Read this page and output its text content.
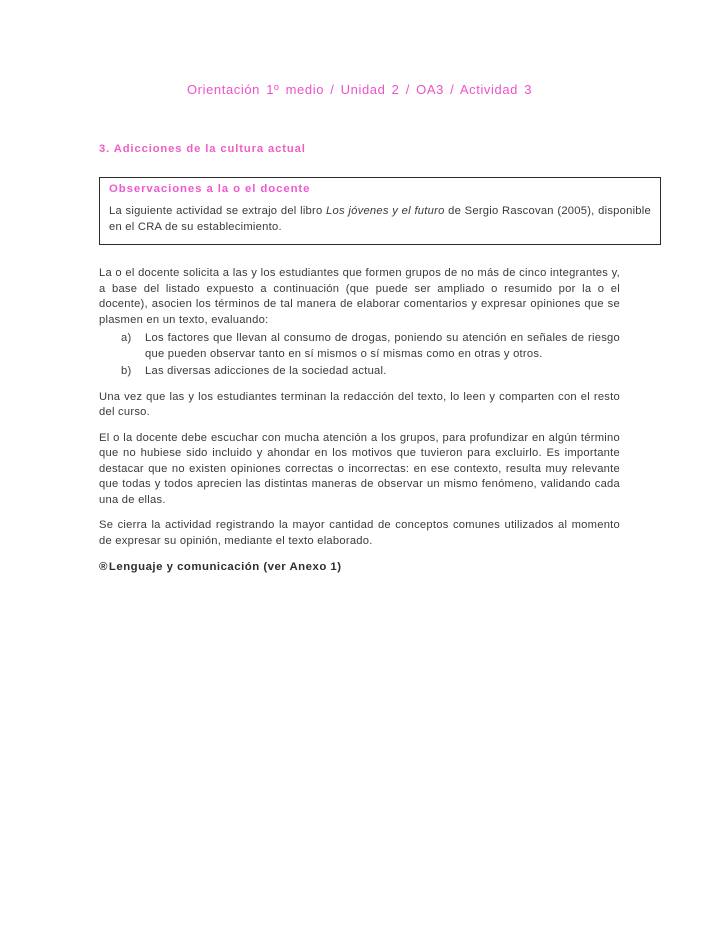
Orientación 1º medio / Unidad 2 / OA3 / Actividad 3
3. Adicciones de la cultura actual
Observaciones a la o el docente
La siguiente actividad se extrajo del libro Los jóvenes y el futuro de Sergio Rascovan (2005), disponible en el CRA de su establecimiento.
La o el docente solicita a las y los estudiantes que formen grupos de no más de cinco integrantes y, a base del listado expuesto a continuación (que puede ser ampliado o resumido por la o el docente), asocien los términos de tal manera de elaborar comentarios y expresar opiniones que se plasmen en un texto, evaluando:
a)	Los factores que llevan al consumo de drogas, poniendo su atención en señales de riesgo que pueden observar tanto en sí mismos o sí mismas como en otras y otros.
b)	Las diversas adicciones de la sociedad actual.
Una vez que las y los estudiantes terminan la redacción del texto, lo leen y comparten con el resto del curso.
El o la docente debe escuchar con mucha atención a los grupos, para profundizar en algún término que no hubiese sido incluido y ahondar en los motivos que tuvieron para excluirlo. Es importante destacar que no existen opiniones correctas o incorrectas: en ese contexto, resulta muy relevante que todas y todos aprecien las distintas maneras de observar un mismo fenómeno, validando cada una de ellas.
Se cierra la actividad registrando la mayor cantidad de conceptos comunes utilizados al momento de expresar su opinión, mediante el texto elaborado.
®Lenguaje y comunicación (ver Anexo 1)
